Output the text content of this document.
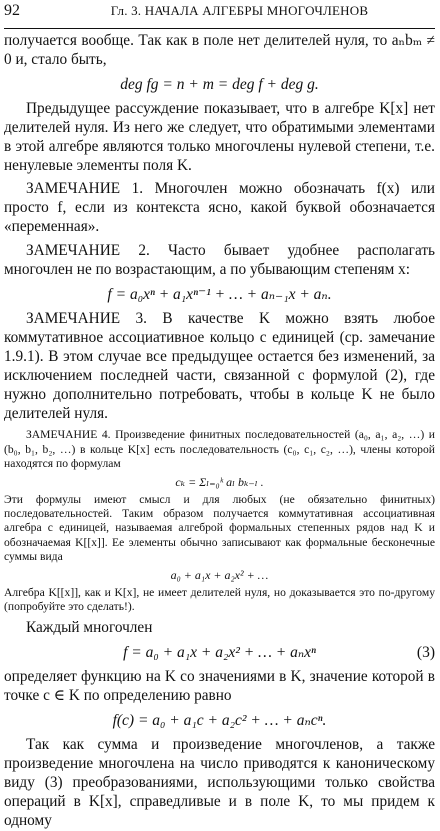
92	Гл. 3. НАЧАЛА АЛГЕБРЫ МНОГОЧЛЕНОВ

получается вообще. Так как в поле нет делителей нуля, то aₙbₘ ≠ 0 и, стало быть,

deg fg = n + m = deg f + deg g.

Предыдущее рассуждение показывает, что в алгебре K[x] нет делителей нуля. Из него же следует, что обратимыми элементами в этой алгебре являются только многочлены нулевой степени, т.е. ненулевые элементы поля K.

ЗАМЕЧАНИЕ 1. Многочлен можно обозначать f(x) или просто f, если из контекста ясно, какой буквой обозначается «переменная».

ЗАМЕЧАНИЕ 2. Часто бывает удобнее располагать многочлен не по возрастающим, а по убывающим степеням x:

f = a₀xⁿ + a₁xⁿ⁻¹ + … + aₙ₋₁x + aₙ.

ЗАМЕЧАНИЕ 3. В качестве K можно взять любое коммутативное ассоциативное кольцо с единицей (ср. замечание 1.9.1). В этом случае все предыдущее остается без изменений, за исключением последней части, связанной с формулой (2), где нужно дополнительно потребовать, чтобы в кольце K не было делителей нуля.

ЗАМЕЧАНИЕ 4. Произведение финитных последовательностей (a₀, a₁, a₂, …) и (b₀, b₁, b₂, …) в кольце K[x] есть последовательность (c₀, c₁, c₂, …), члены которой находятся по формулам

cₖ = Σₗ₌₀ᵏ aₗ bₖ₋ₗ .

Эти формулы имеют смысл и для любых (не обязательно финитных) последовательностей. Таким образом получается коммутативная ассоциативная алгебра с единицей, называемая алгеброй формальных степенных рядов над K и обозначаемая K[[x]]. Ее элементы обычно записывают как формальные бесконечные суммы вида

a₀ + a₁x + a₂x² + …

Алгебра K[[x]], как и K[x], не имеет делителей нуля, но доказывается это по-другому (попробуйте это сделать!).

Каждый многочлен

f = a₀ + a₁x + a₂x² + … + aₙxⁿ	(3)

определяет функцию на K со значениями в K, значение которой в точке c ∈ K по определению равно

f(c) = a₀ + a₁c + a₂c² + … + aₙcⁿ.

Так как сумма и произведение многочленов, а также произведение многочлена на число приводятся к каноническому виду (3) преобразованиями, использующими только свойства операций в K[x], справедливые и в поле K, то мы придем к одному
